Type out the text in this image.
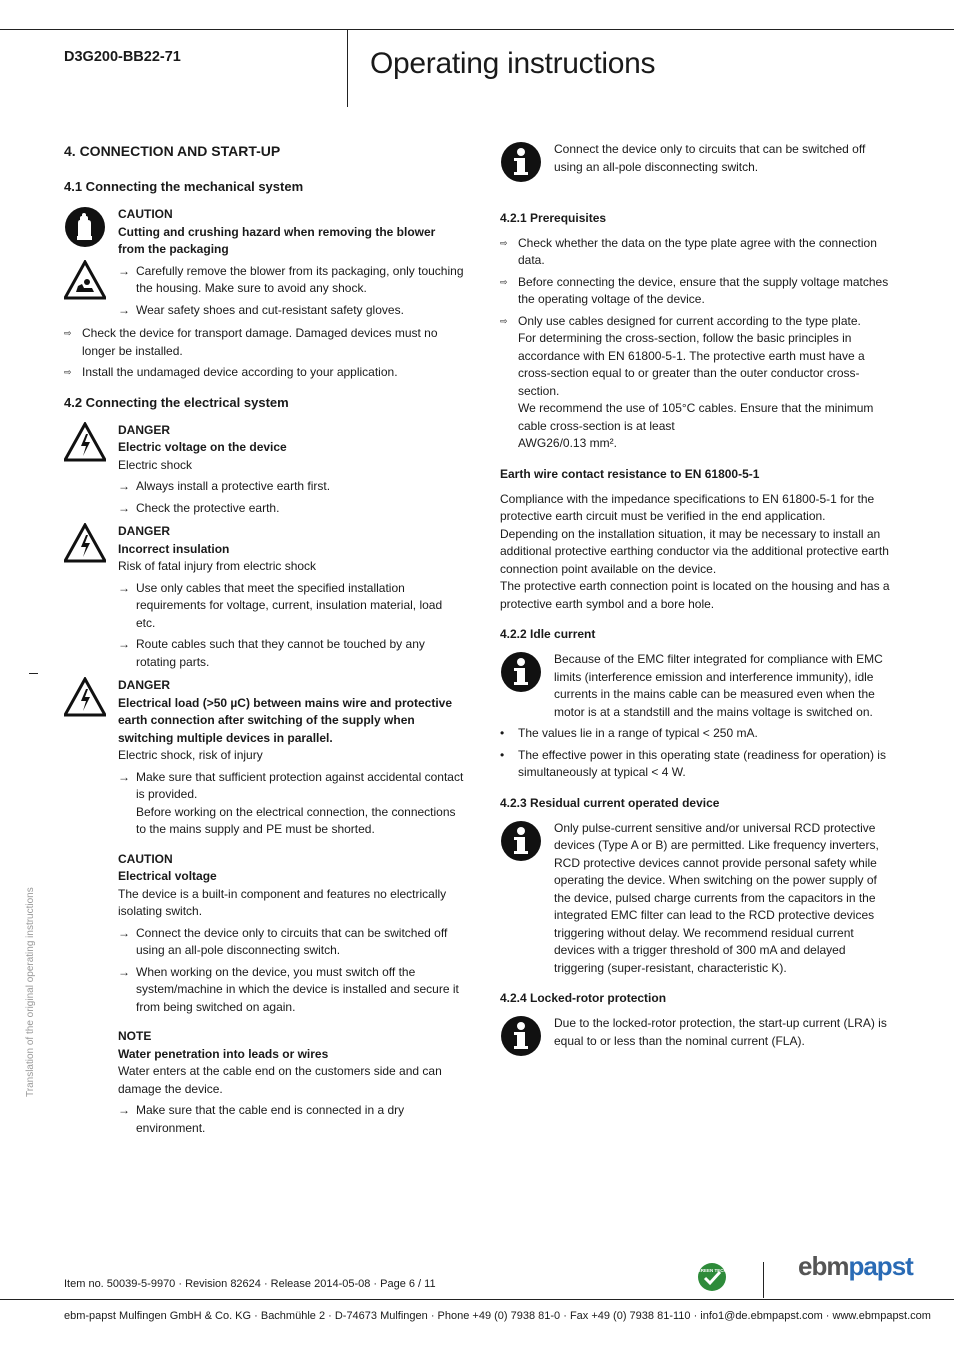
D3G200-BB22-71	Operating instructions
Translation of the original operating instructions
4. CONNECTION AND START-UP
4.1 Connecting the mechanical system

CAUTION

Cutting and crushing hazard when removing the blower from the packaging

→ Carefully remove the blower from its packaging, only touching the housing. Make sure to avoid any shock.
→ Wear safety shoes and cut-resistant safety gloves.
⇨ Check the device for transport damage. Damaged devices must no longer be installed.
⇨ Install the undamaged device according to your application.
4.2 Connecting the electrical system

DANGER

Electric voltage on the device

Electric shock

→ Always install a protective earth first.
→ Check the protective earth.

DANGER

Incorrect insulation

Risk of fatal injury from electric shock

→ Use only cables that meet the specified installation requirements for voltage, current, insulation material, load etc.
→ Route cables such that they cannot be touched by any rotating parts.

DANGER

Electrical load (>50 µC) between mains wire and protective earth connection after switching of the supply when switching multiple devices in parallel.

Electric shock, risk of injury

→ Make sure that sufficient protection against accidental contact is provided.
Before working on the electrical connection, the connections to the mains supply and PE must be shorted.

CAUTION

Electrical voltage

The device is a built-in component and features no electrically isolating switch.

→ Connect the device only to circuits that can be switched off using an all-pole disconnecting switch.
→ When working on the device, you must switch off the system/machine in which the device is installed and secure it from being switched on again.

NOTE

Water penetration into leads or wires

Water enters at the cable end on the customers side and can damage the device.

→ Make sure that the cable end is connected in a dry environment.

Connect the device only to circuits that can be switched off using an all-pole disconnecting switch.

4.2.1 Prerequisites
⇨ Check whether the data on the type plate agree with the connection data.
⇨ Before connecting the device, ensure that the supply voltage matches the operating voltage of the device.
⇨ Only use cables designed for current according to the type plate.
For determining the cross-section, follow the basic principles in accordance with EN 61800-5-1. The protective earth must have a cross-section equal to or greater than the outer conductor cross-section.
We recommend the use of 105°C cables. Ensure that the minimum cable cross-section is at least
AWG26/0.13 mm².
Earth wire contact resistance to EN 61800-5-1

Compliance with the impedance specifications to EN 61800-5-1 for the protective earth circuit must be verified in the end application.

Depending on the installation situation, it may be necessary to install an additional protective earthing conductor via the additional protective earth connection point available on the device.

The protective earth connection point is located on the housing and has a protective earth symbol and a bore hole.

4.2.2 Idle current

Because of the EMC filter integrated for compliance with EMC limits (interference emission and interference immunity), idle currents in the mains cable can be measured even when the motor is at a standstill and the mains voltage is switched on.

•	The values lie in a range of typical < 250 mA.
•	The effective power in this operating state (readiness for operation) is simultaneously at typical < 4 W.
4.2.3 Residual current operated device

Only pulse-current sensitive and/or universal RCD protective devices (Type A or B) are permitted. Like frequency inverters, RCD protective devices cannot provide personal safety while operating the device. When switching on the power supply of the device, pulsed charge currents from the capacitors in the integrated EMC filter can lead to the RCD protective devices triggering without delay. We recommend residual current devices with a trigger threshold of 300 mA and delayed triggering (super-resistant, characteristic K).

4.2.4 Locked-rotor protection

Due to the locked-rotor protection, the start-up current (LRA) is equal to or less than the nominal current (FLA).

Item no. 50039-5-9970 · Revision 82624 · Release 2014-05-08 · Page 6 / 11
GREEN TECH	ebmpapst
ebm-papst Mulfingen GmbH & Co. KG · Bachmühle 2 · D-74673 Mulfingen · Phone +49 (0) 7938 81-0 · Fax +49 (0) 7938 81-110 · info1@de.ebmpapst.com · www.ebmpapst.com
